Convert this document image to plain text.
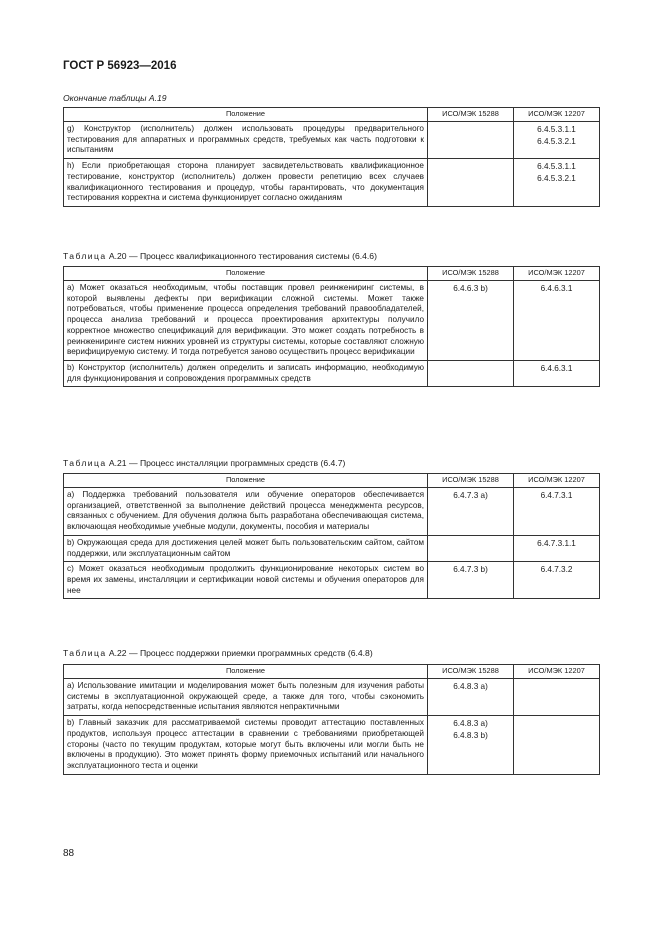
ГОСТ Р 56923—2016
Окончание таблицы А.19
Положение	ИСО/МЭК 15288	ИСО/МЭК 12207
g) Конструктор (исполнитель) должен использовать процедуры предварительного тестирования для аппаратных и программных средств, требуемых как часть подготовки к испытаниям		6.4.5.3.1.1
6.4.5.3.2.1

h) Если приобретающая сторона планирует засвидетельствовать квалификационное тестирование, конструктор (исполнитель) должен провести репетицию всех случаев квалификационного тестирования и процедур, чтобы гарантировать, что документация тестирования корректна и система функционирует согласно ожиданиям		6.4.5.3.1.1
6.4.5.3.2.1
Таблица А.20 — Процесс квалификационного тестирования системы (6.4.6)
Положение	ИСО/МЭК 15288	ИСО/МЭК 12207
a) Может оказаться необходимым, чтобы поставщик провел реинжениринг системы, в которой выявлены дефекты при верификации сложной системы. Может также потребоваться, чтобы применение процесса определения требований правообладателей, процесса анализа требований и процесса проектирования архитектуры получило корректное множество спецификаций для верификации. Это может создать потребность в реинжениринге систем нижних уровней из структуры системы, которые составляют сложную верифицируемую систему. И тогда потребуется заново осуществить процесс верификации	6.4.6.3 b)	6.4.6.3.1

b) Конструктор (исполнитель) должен определить и записать информацию, необходимую для функционирования и сопровождения программных средств		6.4.6.3.1
Таблица А.21 — Процесс инсталляции программных средств (6.4.7)
Положение	ИСО/МЭК 15288	ИСО/МЭК 12207
a) Поддержка требований пользователя или обучение операторов обеспечивается организацией, ответственной за выполнение действий процесса менеджмента ресурсов, связанных с обучением. Для обучения должна быть разработана обеспечивающая система, включающая необходимые учебные модули, документы, пособия и материалы	6.4.7.3 a)	6.4.7.3.1

b) Окружающая среда для достижения целей может быть пользовательским сайтом, сайтом поддержки, или эксплуатационным сайтом		6.4.7.3.1.1

c) Может оказаться необходимым продолжить функционирование некоторых систем во время их замены, инсталляции и сертификации новой системы и обучения операторов для нее	6.4.7.3 b)	6.4.7.3.2
Таблица А.22 — Процесс поддержки приемки программных средств (6.4.8)
Положение	ИСО/МЭК 15288	ИСО/МЭК 12207
a) Использование имитации и моделирования может быть полезным для изучения работы системы в эксплуатационной окружающей среде, а также для того, чтобы сэкономить затраты, когда непосредственные испытания являются непрактичными	6.4.8.3 a)	

b) Главный заказчик для рассматриваемой системы проводит аттестацию поставленных продуктов, используя процесс аттестации в сравнении с требованиями приобретающей стороны (часто по текущим продуктам, которые могут быть включены или могли быть не включены в продукцию). Это может принять форму приемочных испытаний или начального эксплуатационного теста и оценки	6.4.8.3 a)
6.4.8.3 b)	

88
